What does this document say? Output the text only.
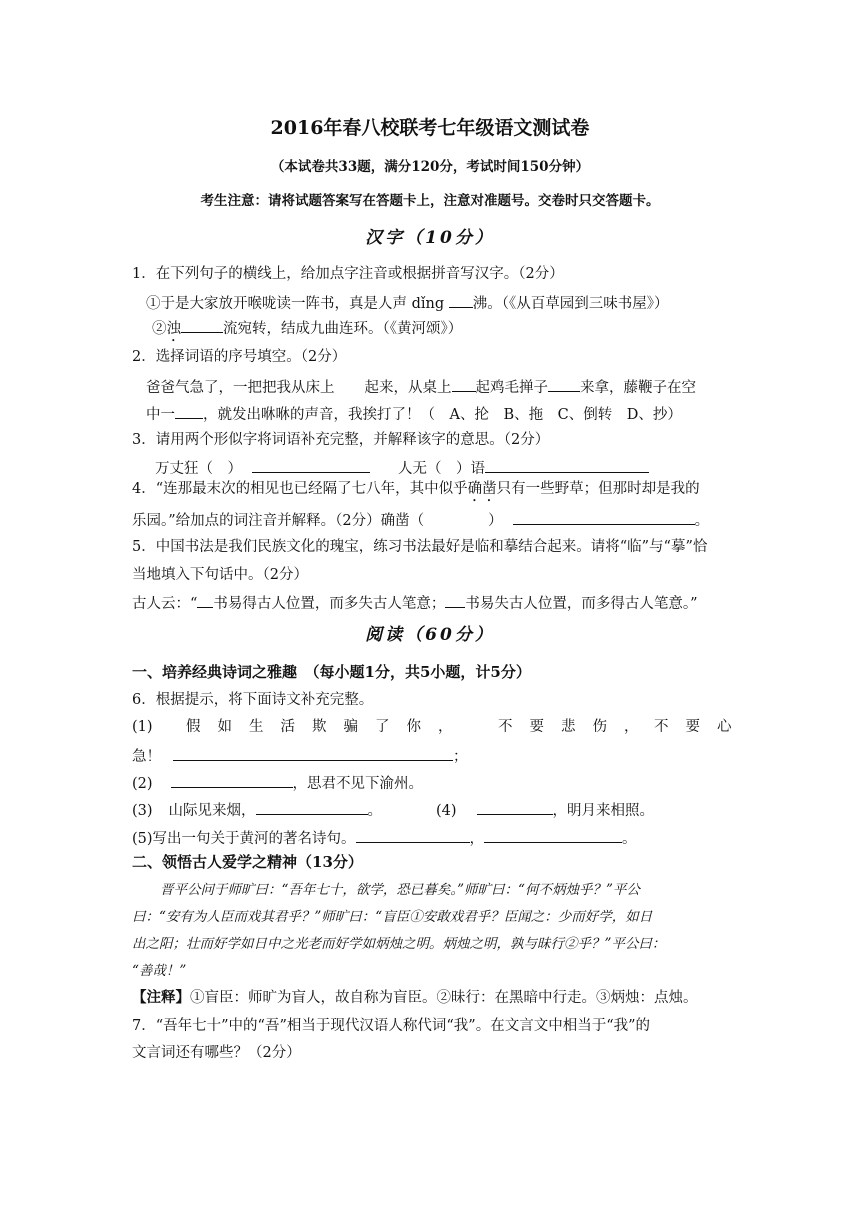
2016年春八校联考七年级语文测试卷
（本试卷共33题，满分120分，考试时间150分钟）
考生注意：请将试题答案写在答题卡上，注意对准题号。交卷时只交答题卡。
汉字（10分）
1．在下列句子的横线上，给加点字注音或根据拼音写汉字。（2分）
①于是大家放开喉咙读一阵书，真是人声 dǐng 沸。（《从百草园到三味书屋》）
②浊	流宛转，结成九曲连环。（《黄河颂》）
2．选择词语的序号填空。（2分）
爸爸气急了，一把把我从床上 起来，从桌上 起鸡毛掸子 来拿，藤鞭子在空
中一 ，就发出咻咻的声音，我挨打了！（　A、抡　B、拖　C、倒转　D、抄）
3．请用两个形似字将词语补充完整，并解释该字的意思。（2分）
万丈狂（　）	人无（　）语
4．“连那最末次的相见也已经隔了七八年，其中似乎确凿只有一些野草；但那时却是我的
乐园。”给加点的词注音并解释。（2分）确凿（	）	。
5．中国书法是我们民族文化的瑰宝，练习书法最好是临和摹结合起来。请将“临”与“摹”恰
当地填入下句话中。（2分）
古人云：“ 书易得古人位置，而多失古人笔意； 书易失古人位置，而多得古人笔意。”
阅读（60分）
一、培养经典诗词之雅趣　（每小题1分，共5小题，计5分）
6．根据提示，将下面诗文补充完整。
(1) 假如生活欺骗了你， 不要悲伤，
不要心
急！	；
(2)	，思君不见下渝州。
(3) 山际见来烟，	。	(4)	，明月来相照。
(5)写出一句关于黄河的著名诗句。	，	。
二、领悟古人爱学之精神（13分）
晋平公问于师旷曰：“吾年七十，欲学，恐已暮矣。”师旷曰：“何不炳烛乎？”平公
曰：“安有为人臣而戏其君乎？”师旷曰：“盲臣①安敢戏君乎？臣闻之：少而好学，如日
出之阳；壮而好学如日中之光老而好学如炳烛之明。炳烛之明，孰与昧行②乎？”平公曰：
“善哉！”
【注释】①盲臣：师旷为盲人，故自称为盲臣。②昧行：在黑暗中行走。③炳烛：点烛。
7．“吾年七十”中的“吾”相当于现代汉语人称代词“我”。在文言文中相当于“我”的
文言词还有哪些？（2分）
